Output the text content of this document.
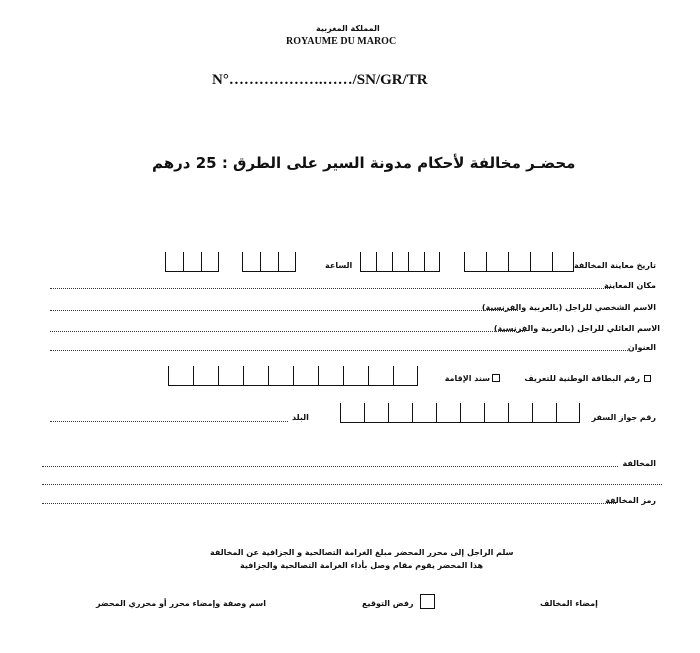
المملكة المغربية
ROYAUME DU MAROC
N°……………….……/SN/GR/TR
محضـر مخالفة لأحكام مدونة السير على الطرق : 25 درهم
تاريخ معاينة المخالفة
الساعة
مكان المعاينة
الاسم الشخصي للراجل (بالعربية والفرنسية)
الاسم العائلي للراجل (بالعربية والفرنسية)
العنوان
رقم البطاقة الوطنية للتعريف
سند الإقامة
رقم جواز السفر
البلد
المخالفة
رمز المخالفة
سلم الراجل إلى محرر المحضر مبلغ الغرامة التصالحية و الجزافية عن المخالفة
هذا المحضر يقوم مقام وصل بأداء الغرامة التصالحية والجزافية
إمضاء المخالف
رفض التوقيع
اسم وصفة وإمضاء محرر أو محرري المحضر
